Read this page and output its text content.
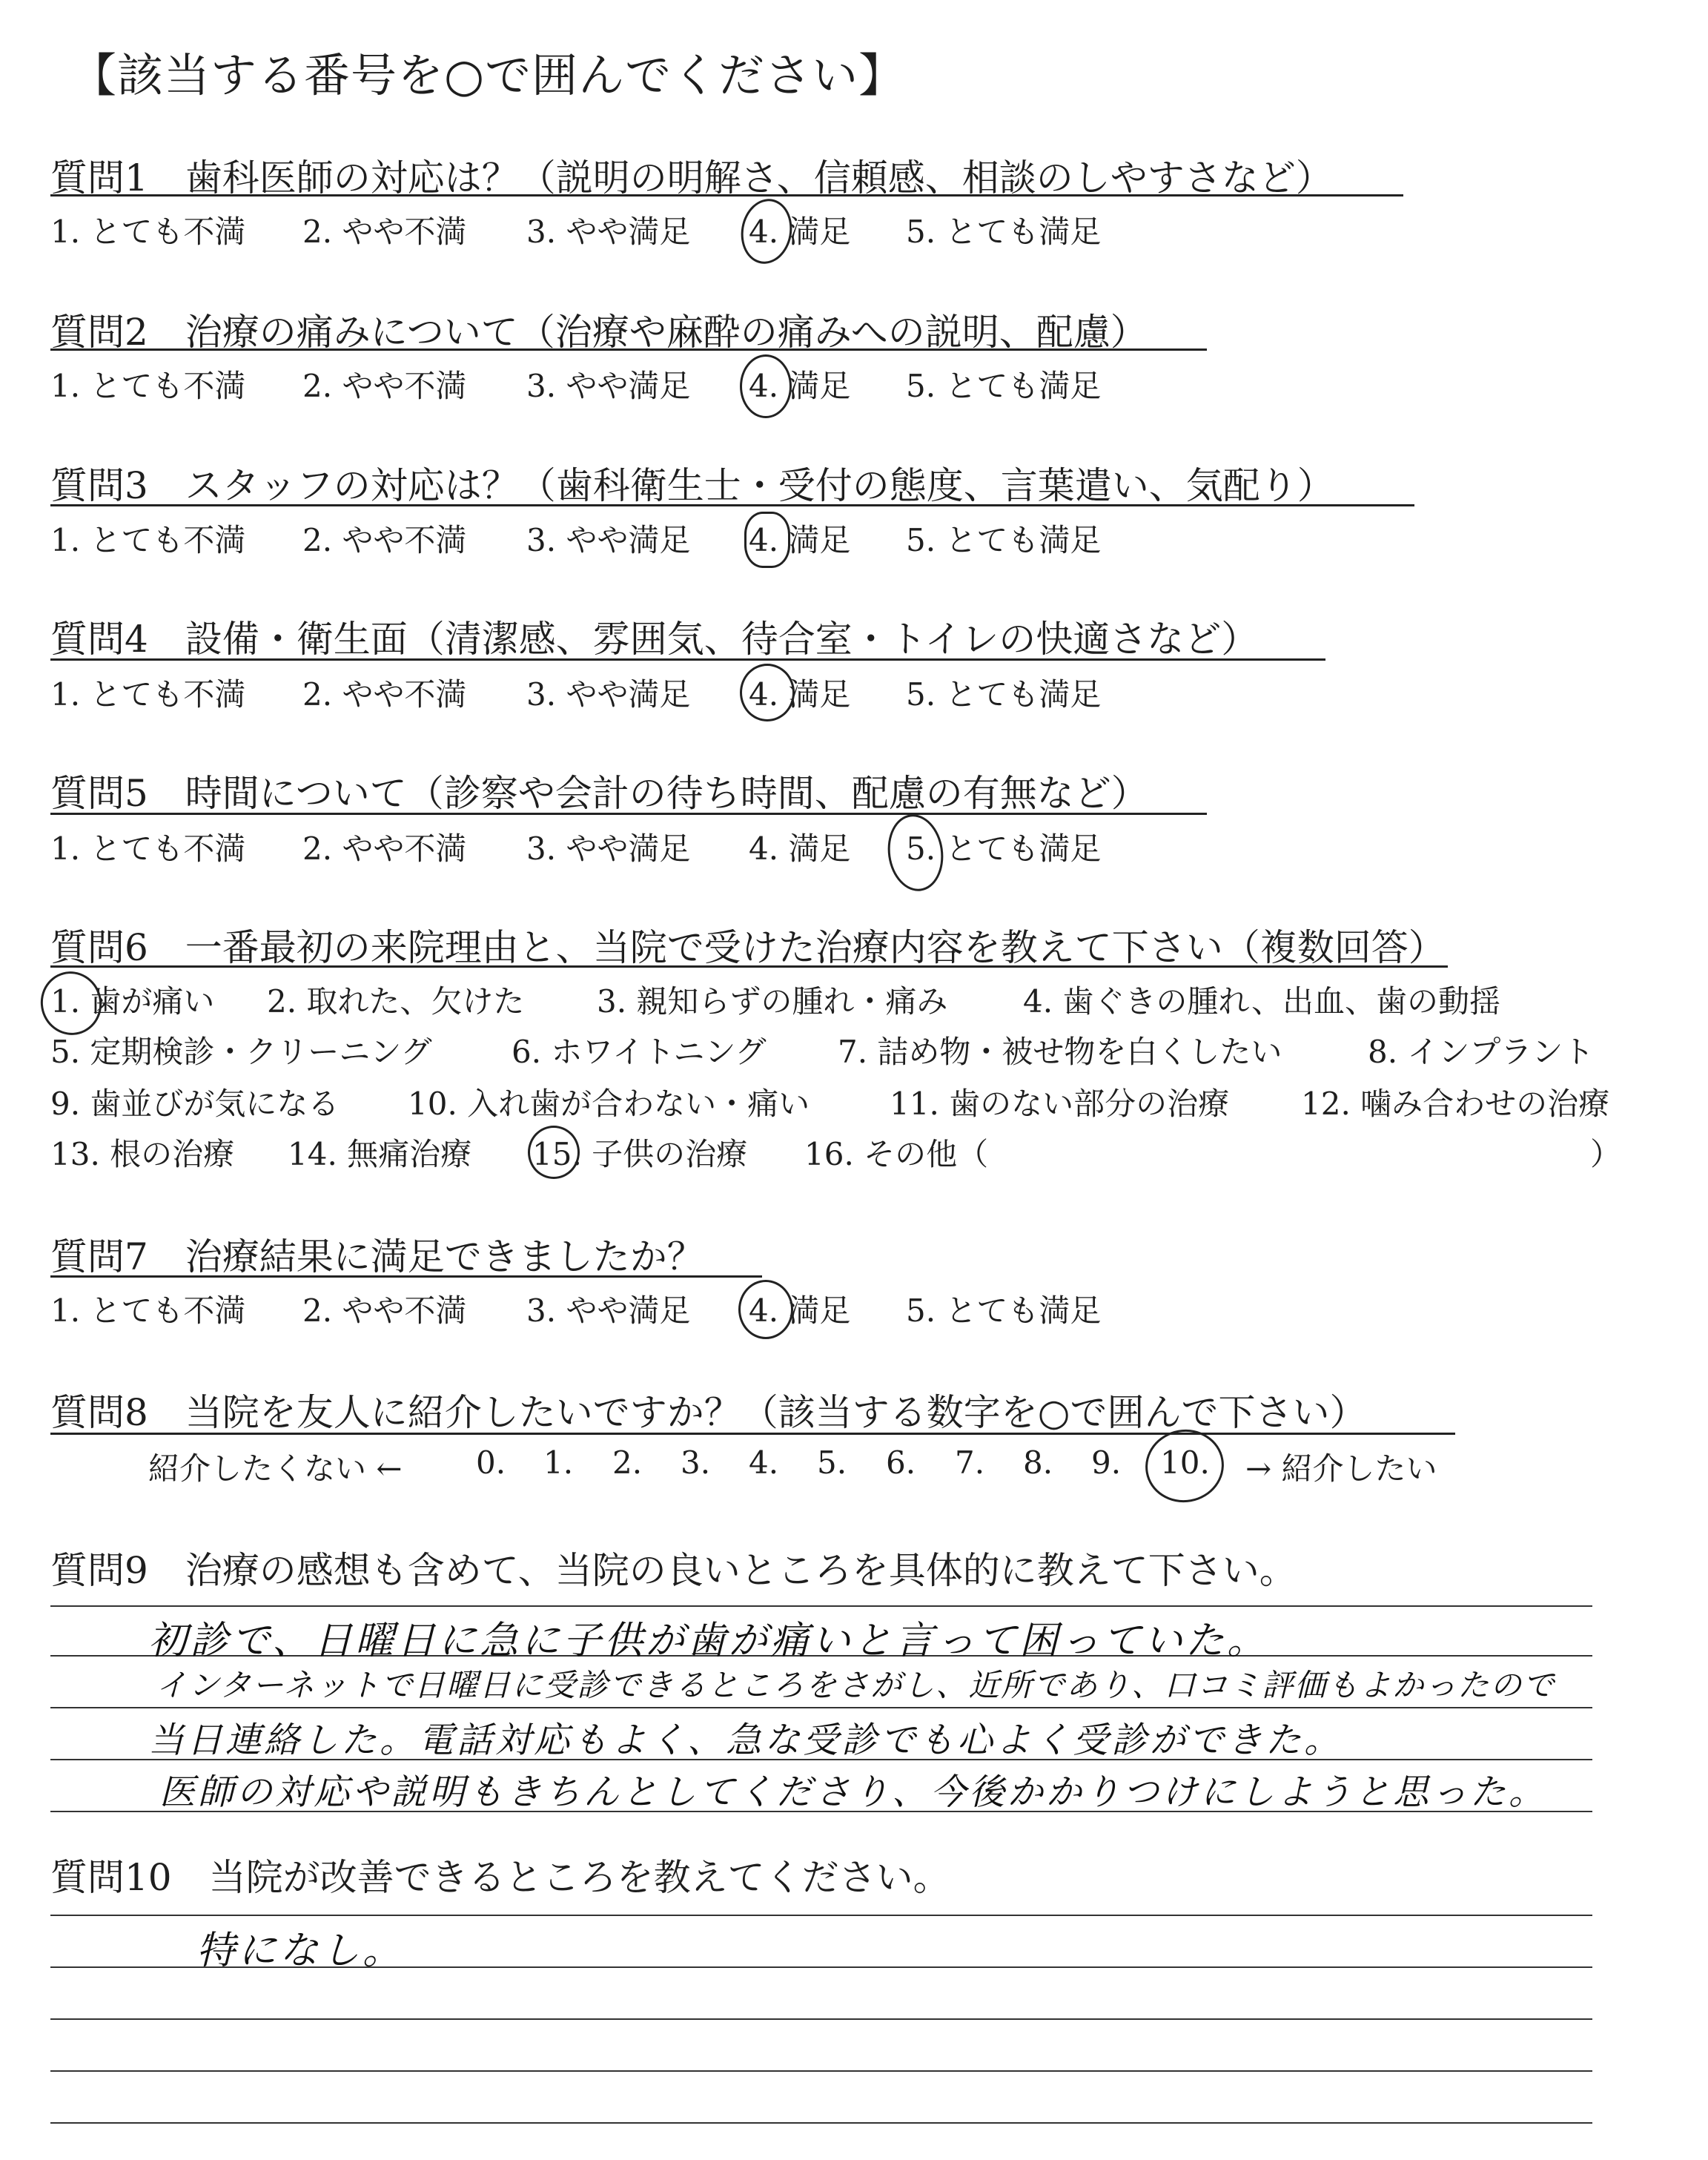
【該当する番号を○で囲んでください】
質問1　歯科医師の対応は？（説明の明解さ、信頼感、相談のしやすさなど）
1. とても不満 2. やや不満 3. やや満足 4. 満足 5. とても満足
質問2　治療の痛みについて（治療や麻酔の痛みへの説明、配慮）
1. とても不満 2. やや不満 3. やや満足 4. 満足 5. とても満足
質問3　スタッフの対応は？（歯科衛生士・受付の態度、言葉遣い、気配り）
1. とても不満 2. やや不満 3. やや満足 4. 満足 5. とても満足
質問4　設備・衛生面（清潔感、雰囲気、待合室・トイレの快適さなど）
1. とても不満 2. やや不満 3. やや満足 4. 満足 5. とても満足
質問5　時間について（診察や会計の待ち時間、配慮の有無など）
1. とても不満 2. やや不満 3. やや満足 4. 満足 5. とても満足
質問6　一番最初の来院理由と、当院で受けた治療内容を教えて下さい（複数回答）
1. 歯が痛い 2. 取れた、欠けた 3. 親知らずの腫れ・痛み 4. 歯ぐきの腫れ、出血、歯の動揺
5. 定期検診・クリーニング	6. ホワイトニング 7. 詰め物・被せ物を白くしたい	8. インプラント
9. 歯並びが気になる 10. 入れ歯が合わない・痛い	11. 歯のない部分の治療 12. 噛み合わせの治療
13. 根の治療 14. 無痛治療 15. 子供の治療 16. その他（	）
質問7　治療結果に満足できましたか？
1. とても不満 2. やや不満 3. やや満足 4. 満足 5. とても満足
質問8　当院を友人に紹介したいですか？（該当する数字を○で囲んで下さい）
紹介したくない ← 0. 1. 2. 3. 4. 5. 6. 7. 8. 9. 10. → 紹介したい
質問9　治療の感想も含めて、当院の良いところを具体的に教えて下さい。
初診で、日曜日に急に子供が歯が痛いと言って困っていた。
インターネットで日曜日に受診できるところをさがし、近所であり、口コミ評価もよかったので
当日連絡した。電話対応もよく、急な受診でも心よく受診ができた。
医師の対応や説明もきちんとしてくださり、今後かかりつけにしようと思った。
質問10　当院が改善できるところを教えてください。
特になし。
